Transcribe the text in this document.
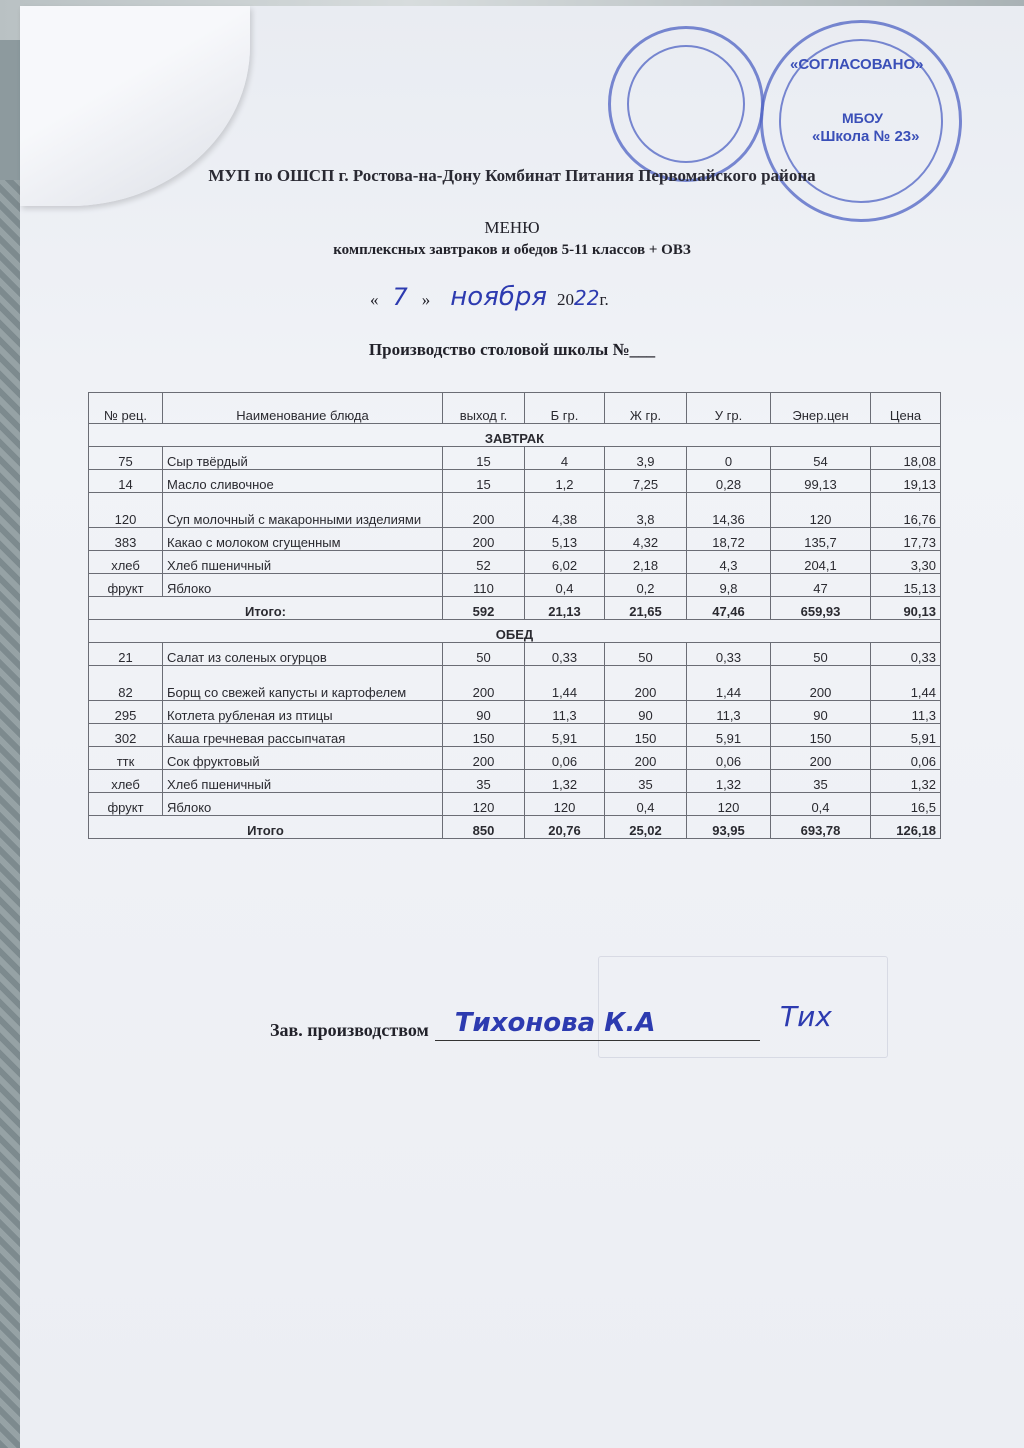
«СОГЛАСОВАНО»
МБОУ
«Школа № 23»
МУП по ОШСП г. Ростова-на-Дону Комбинат Питания Первомайского района
МЕНЮ
комплексных завтраков и обедов 5-11 классов + ОВЗ
« 7 » ноября 2022г.
Производство столовой школы №___
№ рец.	Наименование блюда	выход г.	Б гр.	Ж гр.	У гр.	Энер.цен	Цена
ЗАВТРАК							
75	Сыр твёрдый	15	4	3,9	0	54	18,08
14	Масло сливочное	15	1,2	7,25	0,28	99,13	19,13
120	Суп молочный с макаронными изделиями	200	4,38	3,8	14,36	120	16,76
383	Какао с молоком сгущенным	200	5,13	4,32	18,72	135,7	17,73
хлеб	Хлеб пшеничный	52	6,02	2,18	4,3	204,1	3,30
фрукт	Яблоко	110	0,4	0,2	9,8	47	15,13
Итого:		592	21,13	21,65	47,46	659,93	90,13
ОБЕД							
21	Салат из соленых огурцов	50	0,33	50	0,33	50	0,33
82	Борщ со свежей капусты и картофелем	200	1,44	200	1,44	200	1,44
295	Котлета рубленая из птицы	90	11,3	90	11,3	90	11,3
302	Каша гречневая рассыпчатая	150	5,91	150	5,91	150	5,91
ттк	Сок фруктовый	200	0,06	200	0,06	200	0,06
хлеб	Хлеб пшеничный	35	1,32	35	1,32	35	1,32
фрукт	Яблоко	120	120	0,4	120	0,4	16,5
Итого		850	20,76	25,02	93,95	693,78	126,18
Зав. производством Тихонова К.А	Тих
